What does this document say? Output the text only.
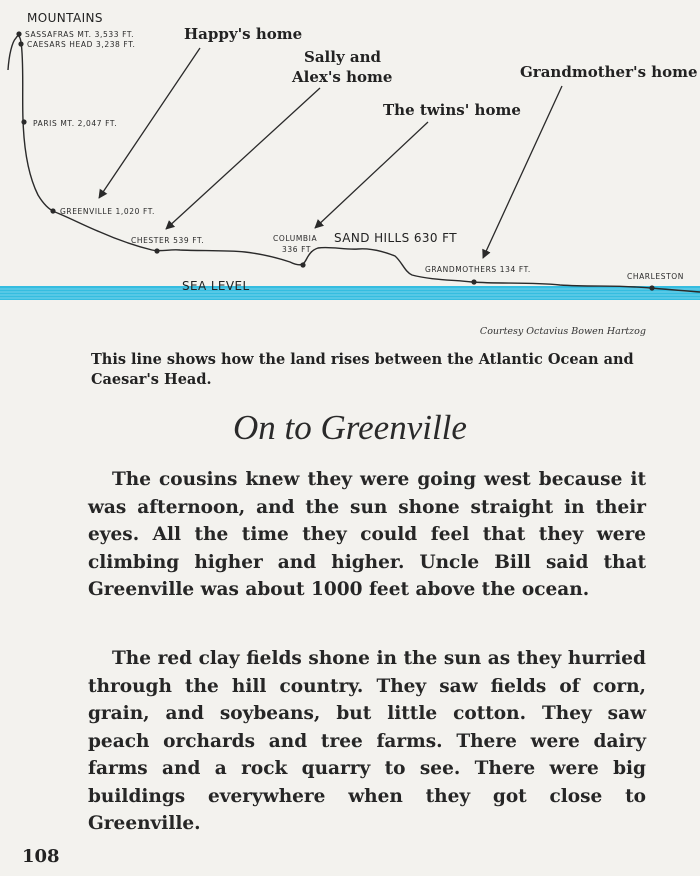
MOUNTAINS
SASSAFRAS MT. 3,533 FT.
CAESARS HEAD 3,238 FT.
PARIS MT. 2,047 FT.
GREENVILLE 1,020 FT.
CHESTER 539 FT.	COLUMBIA
336 FT.
SAND HILLS 630 FT
GRANDMOTHERS 134 FT.
CHARLESTON
SEA LEVEL
Happy's home
Sally and
Alex's home
The twins' home
Grandmother's home
Courtesy Octavius Bowen Hartzog

This line shows how the land rises between the Atlantic Ocean and Caesar's Head.

On to Greenville

The cousins knew they were going west because it was afternoon, and the sun shone straight in their eyes. All the time they could feel that they were climbing higher and higher. Uncle Bill said that Greenville was about 1000 feet above the ocean.

The red clay fields shone in the sun as they hurried through the hill country. They saw fields of corn, grain, and soybeans, but little cotton. They saw peach orchards and tree farms. There were dairy farms and a rock quarry to see. There were big buildings everywhere when they got close to Greenville.

108
